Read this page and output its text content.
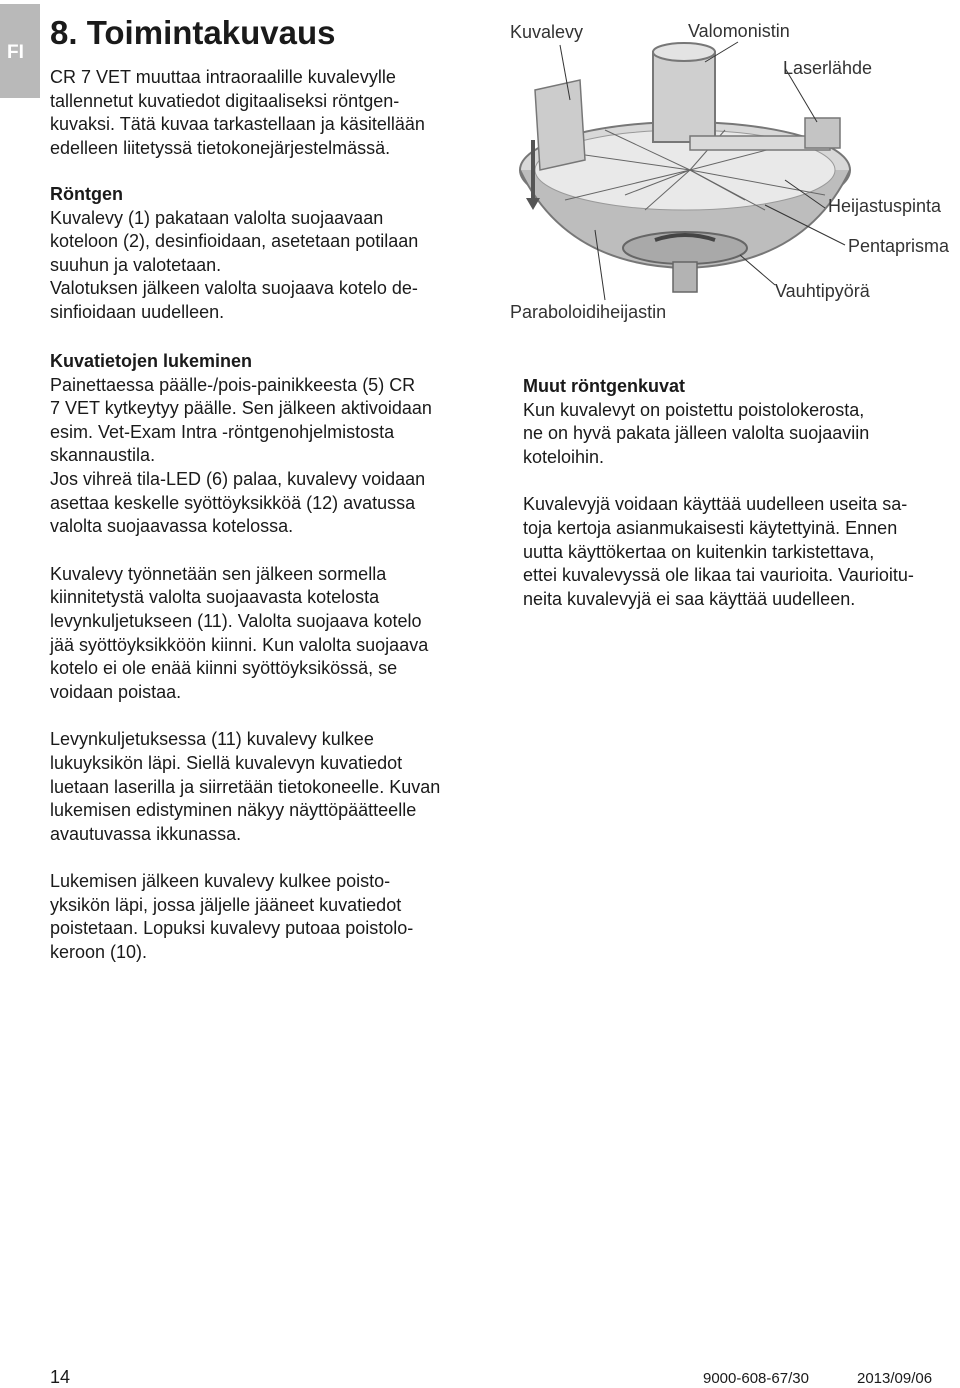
FI
8. Toimintakuvaus

CR 7 VET muuttaa intraoraalille kuvalevylle

tallennetut kuvatiedot digitaaliseksi röntgen-

kuvaksi. Tätä kuvaa tarkastellaan ja käsitellään

edelleen liitetyssä tietokonejärjestelmässä.

Röntgen

Kuvalevy (1) pakataan valolta suojaavaan

koteloon (2), desinfioidaan, asetetaan potilaan

suuhun ja valotetaan.

Valotuksen jälkeen valolta suojaava kotelo de-

sinfioidaan uudelleen.

Kuvatietojen lukeminen

Painettaessa päälle-/pois-painikkeesta (5) CR

7 VET kytkeytyy päälle. Sen jälkeen aktivoidaan

esim. Vet-Exam Intra -röntgenohjelmistosta

skannaustila.

Jos vihreä tila-LED (6) palaa, kuvalevy voidaan

asettaa keskelle syöttöyksikköä (12) avatussa

valolta suojaavassa kotelossa.

Kuvalevy työnnetään sen jälkeen sormella

kiinnitetystä valolta suojaavasta kotelosta

levynkuljetukseen (11). Valolta suojaava kotelo

jää syöttöyksikköön kiinni. Kun valolta suojaava

kotelo ei ole enää kiinni syöttöyksikössä, se

voidaan poistaa.

Levynkuljetuksessa (11) kuvalevy kulkee

lukuyksikön läpi. Siellä kuvalevyn kuvatiedot

luetaan laserilla ja siirretään tietokoneelle. Kuvan

lukemisen edistyminen näkyy näyttöpäätteelle

avautuvassa ikkunassa.

Lukemisen jälkeen kuvalevy kulkee poisto-

yksikön läpi, jossa jäljelle jääneet kuvatiedot

poistetaan. Lopuksi kuvalevy putoaa poistolo-

keroon (10).

Muut röntgenkuvat

Kun kuvalevyt on poistettu poistolokerosta,

ne on hyvä pakata jälleen valolta suojaaviin

koteloihin.

Kuvalevyjä voidaan käyttää uudelleen useita sa-

toja kertoja asianmukaisesti käytettyinä. Ennen

uutta käyttökertaa on kuitenkin tarkistettava,

ettei kuvalevyssä ole likaa tai vaurioita. Vaurioitu-

neita kuvalevyjä ei saa käyttää uudelleen.

Kuvalevy	Valomonistin
Laserlähde
Heijastuspinta
Pentaprisma
Vauhtipyörä
Paraboloidiheijastin
14	9000-608-67/30	2013/09/06
